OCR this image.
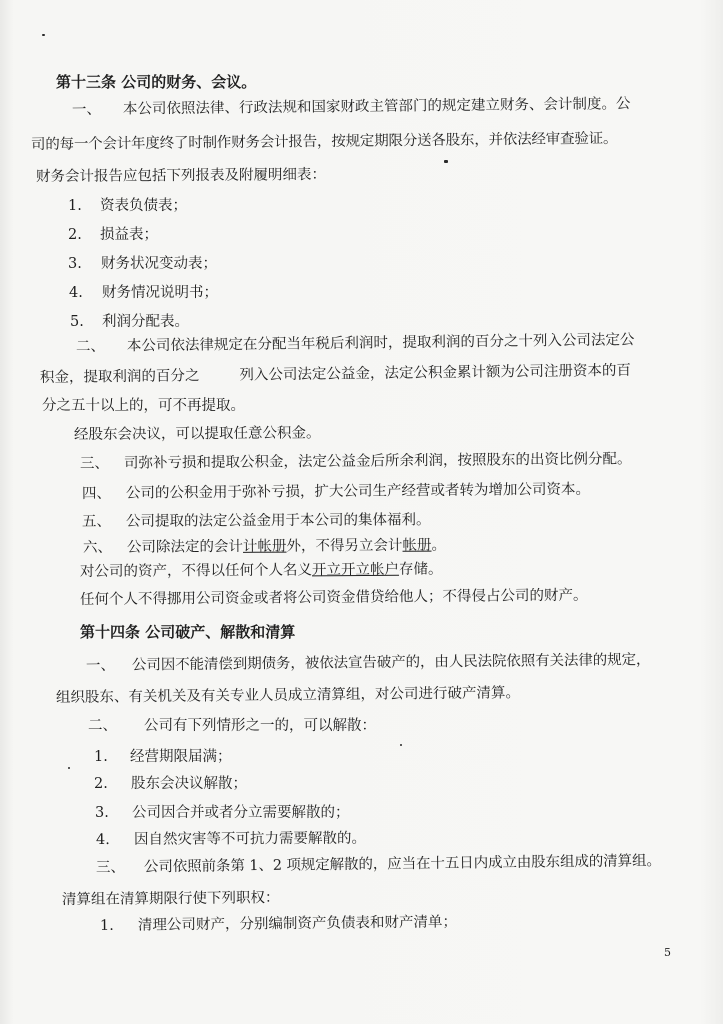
第十三条 公司的财务、会议。
一、 本公司依照法律、行政法规和国家财政主管部门的规定建立财务、会计制度。公
司的每一个会计年度终了时制作财务会计报告，按规定期限分送各股东，并依法经审查验证。
财务会计报告应包括下列报表及附履明细表：
1. 资表负债表；
2. 损益表；
3. 财务状况变动表；
4. 财务情况说明书；
5. 利润分配表。
二、 本公司依法律规定在分配当年税后利润时，提取利润的百分之十列入公司法定公
积金，提取利润的百分之	列入公司法定公益金，法定公积金累计额为公司注册资本的百
分之五十以上的，可不再提取。
经股东会决议，可以提取任意公积金。
三、 司弥补亏损和提取公积金，法定公益金后所余利润，按照股东的出资比例分配。
四、 公司的公积金用于弥补亏损，扩大公司生产经营或者转为增加公司资本。
五、 公司提取的法定公益金用于本公司的集体福利。
六、 公司除法定的会计计帐册外，不得另立会计帐册。
对公司的资产，不得以任何个人名义开立开立帐户存储。
任何个人不得挪用公司资金或者将公司资金借贷给他人；不得侵占公司的财产。
第十四条 公司破产、解散和清算
一、 公司因不能清偿到期债务，被依法宣告破产的，由人民法院依照有关法律的规定，
组织股东、有关机关及有关专业人员成立清算组，对公司进行破产清算。
二、 公司有下列情形之一的，可以解散：
1. 经营期限届满；
2. 股东会决议解散；
3. 公司因合并或者分立需要解散的；
4. 因自然灾害等不可抗力需要解散的。
三、 公司依照前条第 1、2 项规定解散的，应当在十五日内成立由股东组成的清算组。
清算组在清算期限行使下列职权：
1. 清理公司财产，分别编制资产负债表和财产清单；
5
